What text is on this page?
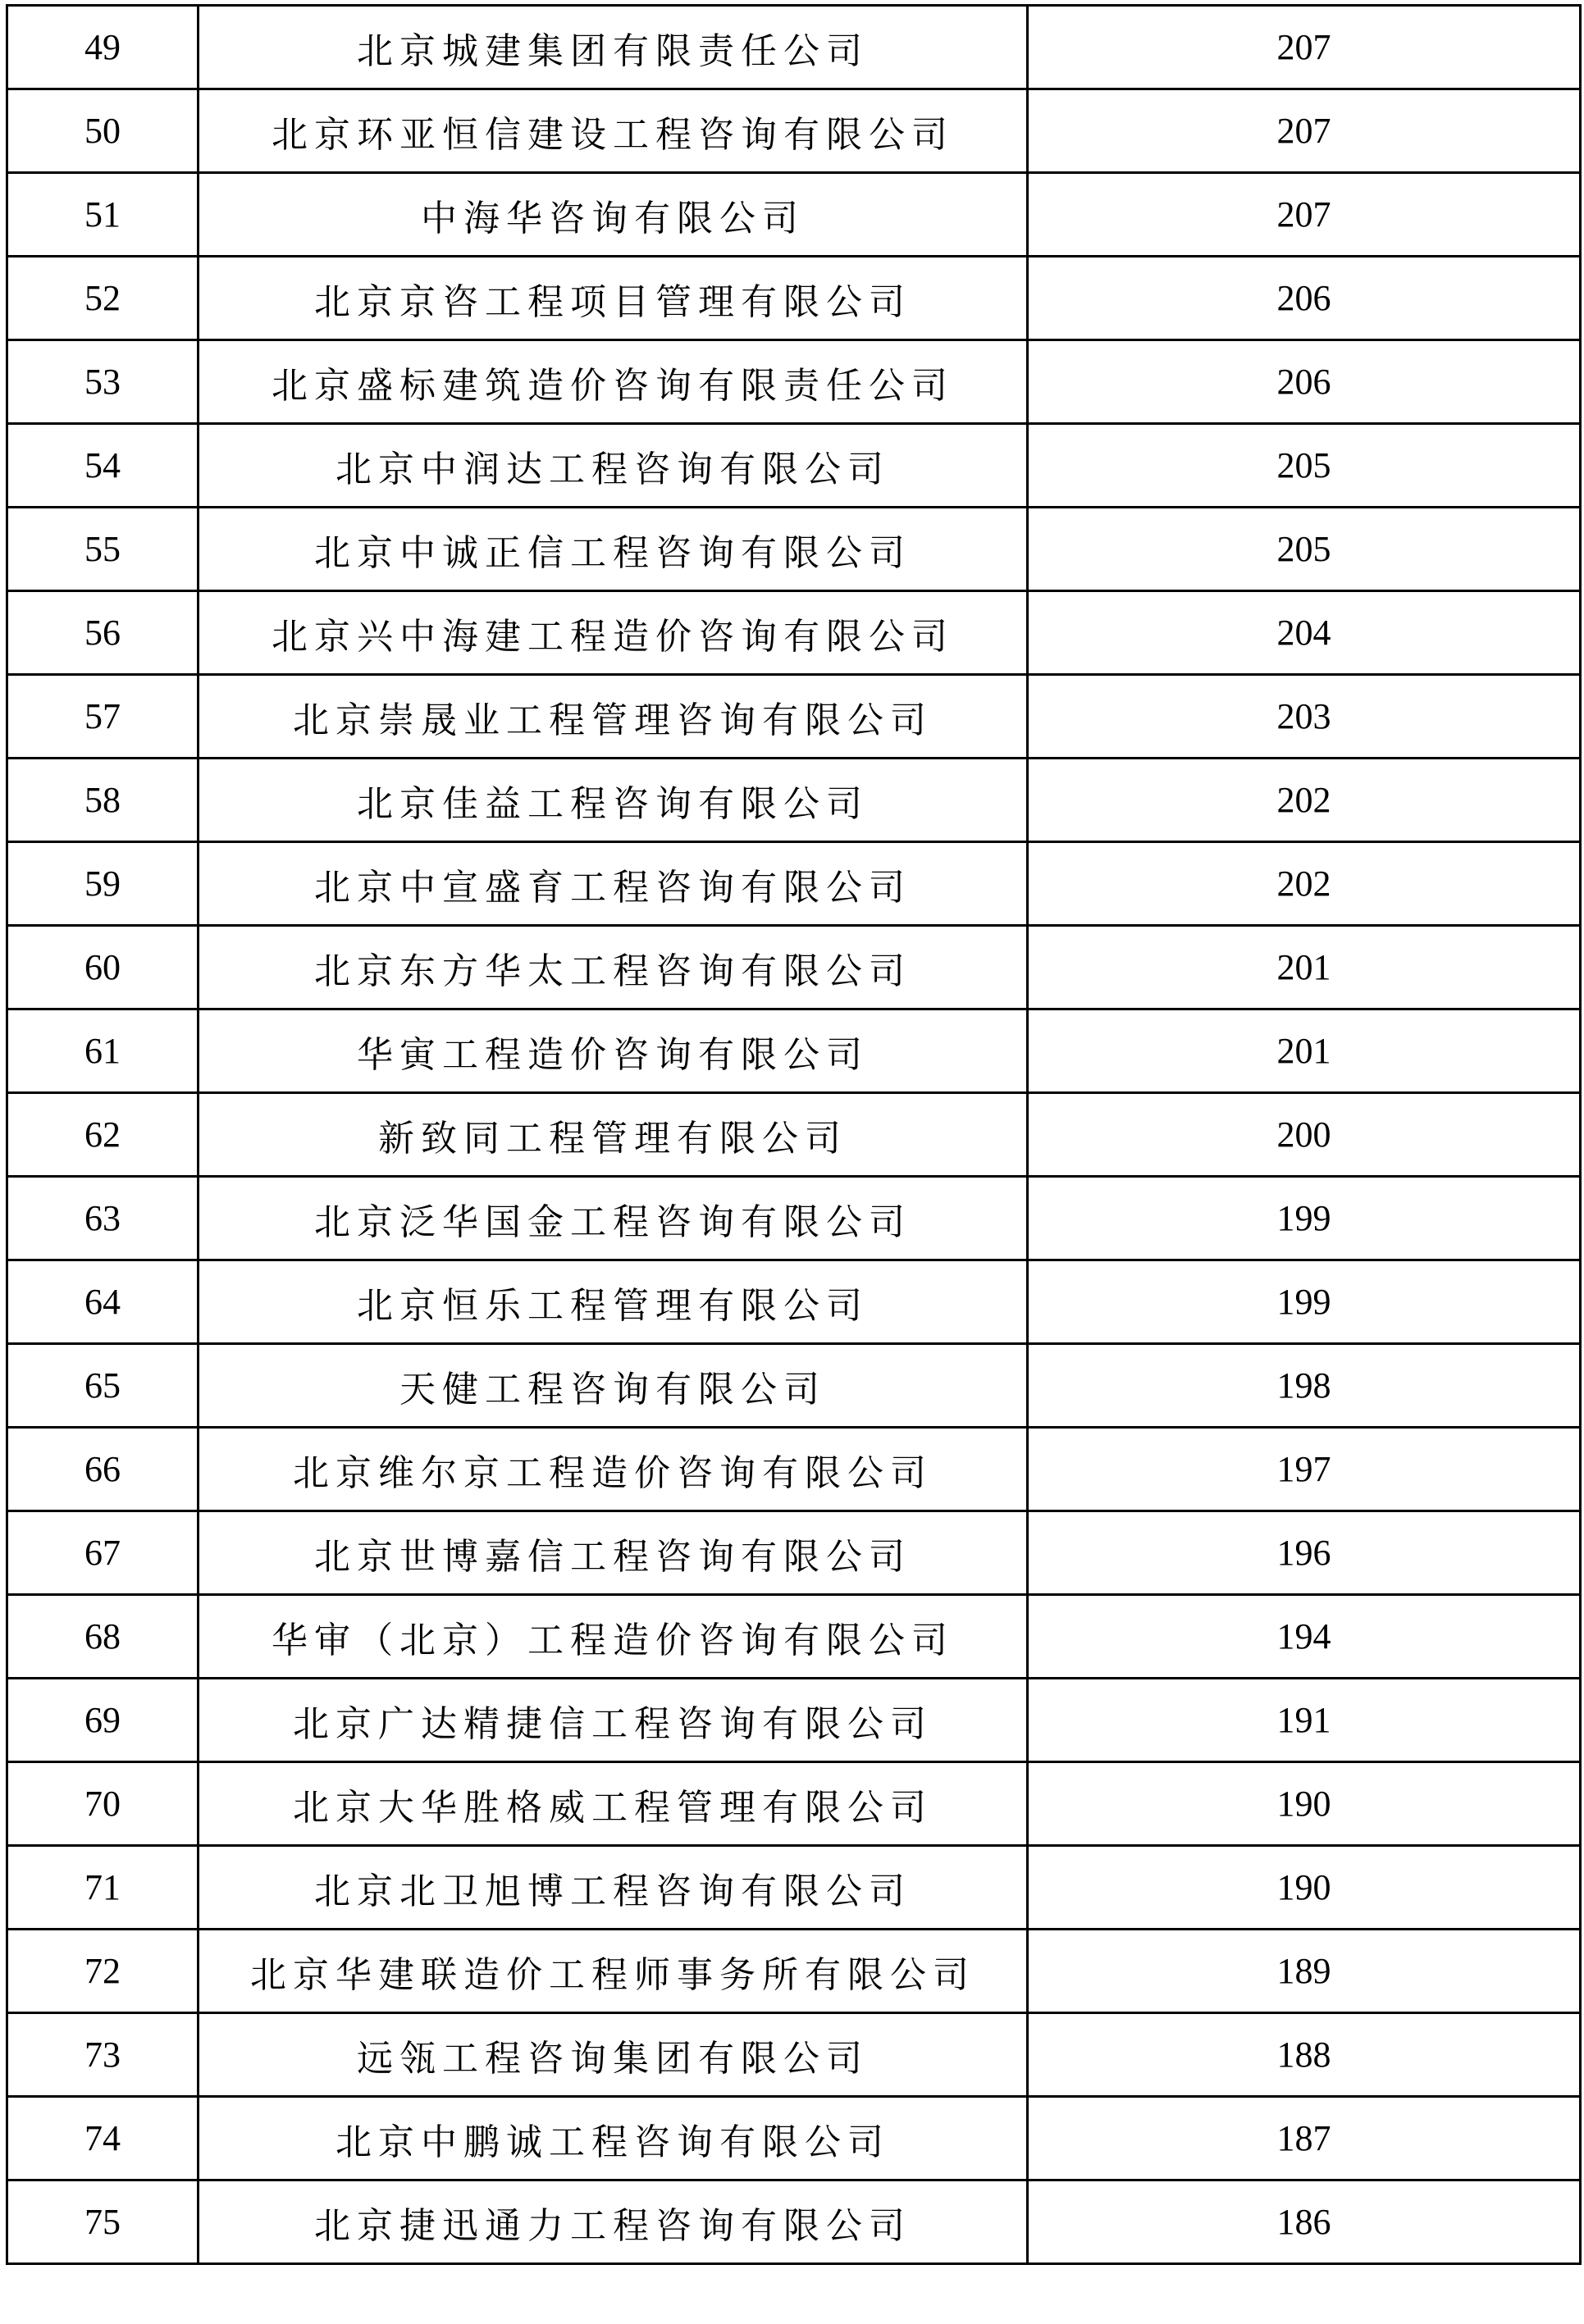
49	北京城建集团有限责任公司	207
50	北京环亚恒信建设工程咨询有限公司	207
51	中海华咨询有限公司	207
52	北京京咨工程项目管理有限公司	206
53	北京盛标建筑造价咨询有限责任公司	206
54	北京中润达工程咨询有限公司	205
55	北京中诚正信工程咨询有限公司	205
56	北京兴中海建工程造价咨询有限公司	204
57	北京崇晟业工程管理咨询有限公司	203
58	北京佳益工程咨询有限公司	202
59	北京中宣盛育工程咨询有限公司	202
60	北京东方华太工程咨询有限公司	201
61	华寅工程造价咨询有限公司	201
62	新致同工程管理有限公司	200
63	北京泛华国金工程咨询有限公司	199
64	北京恒乐工程管理有限公司	199
65	天健工程咨询有限公司	198
66	北京维尔京工程造价咨询有限公司	197
67	北京世博嘉信工程咨询有限公司	196
68	华审（北京）工程造价咨询有限公司	194
69	北京广达精捷信工程咨询有限公司	191
70	北京大华胜格威工程管理有限公司	190
71	北京北卫旭博工程咨询有限公司	190
72	北京华建联造价工程师事务所有限公司	189
73	远瓴工程咨询集团有限公司	188
74	北京中鹏诚工程咨询有限公司	187
75	北京捷迅通力工程咨询有限公司	186
